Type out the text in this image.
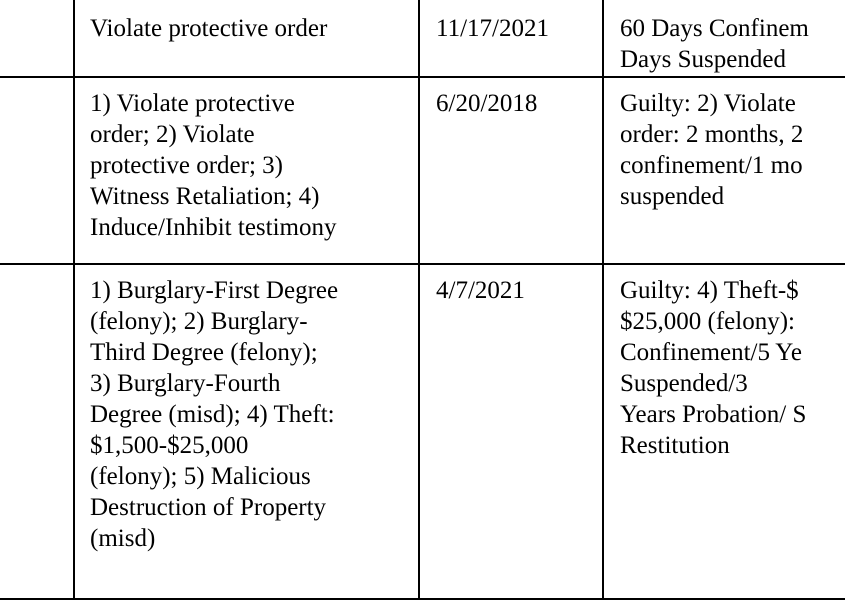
Violate protective order	11/17/2021	60 Days Confinem
Days Suspended
1) Violate protective
order; 2) Violate
protective order; 3)
Witness Retaliation; 4)
Induce/Inhibit testimony
6/20/2018	Guilty: 2) Violate
order: 2 months, 2
confinement/1 mo
suspended
1) Burglary-First Degree
(felony); 2) Burglary-
Third Degree (felony);
3) Burglary-Fourth
Degree (misd); 4) Theft:
$1,500-$25,000
(felony); 5) Malicious
Destruction of Property
(misd)
4/7/2021	Guilty: 4) Theft-$
$25,000 (felony):
Confinement/5 Ye
Suspended/3
Years Probation/ S
Restitution
